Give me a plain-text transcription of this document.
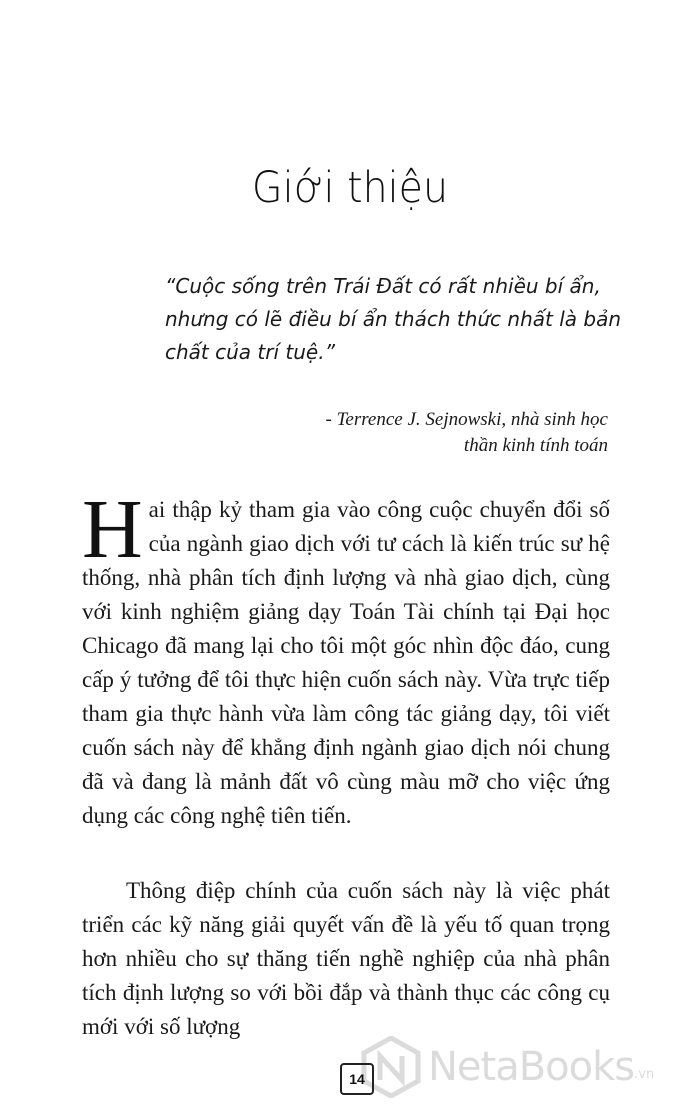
Giới thiệu

“Cuộc sống trên Trái Đất có rất nhiều bí ẩn, nhưng có lẽ điều bí ẩn thách thức nhất là bản chất của trí tuệ.”

- Terrence J. Sejnowski, nhà sinh học
thần kinh tính toán

Hai thập kỷ tham gia vào công cuộc chuyển đổi số của ngành giao dịch với tư cách là kiến trúc sư hệ thống, nhà phân tích định lượng và nhà giao dịch, cùng với kinh nghiệm giảng dạy Toán Tài chính tại Đại học Chicago đã mang lại cho tôi một góc nhìn độc đáo, cung cấp ý tưởng để tôi thực hiện cuốn sách này. Vừa trực tiếp tham gia thực hành vừa làm công tác giảng dạy, tôi viết cuốn sách này để khẳng định ngành giao dịch nói chung đã và đang là mảnh đất vô cùng màu mỡ cho việc ứng dụng các công nghệ tiên tiến.

Thông điệp chính của cuốn sách này là việc phát triển các kỹ năng giải quyết vấn đề là yếu tố quan trọng hơn nhiều cho sự thăng tiến nghề nghiệp của nhà phân tích định lượng so với bồi đắp và thành thục các công cụ mới với số lượng

NetaBooks .vn
14
